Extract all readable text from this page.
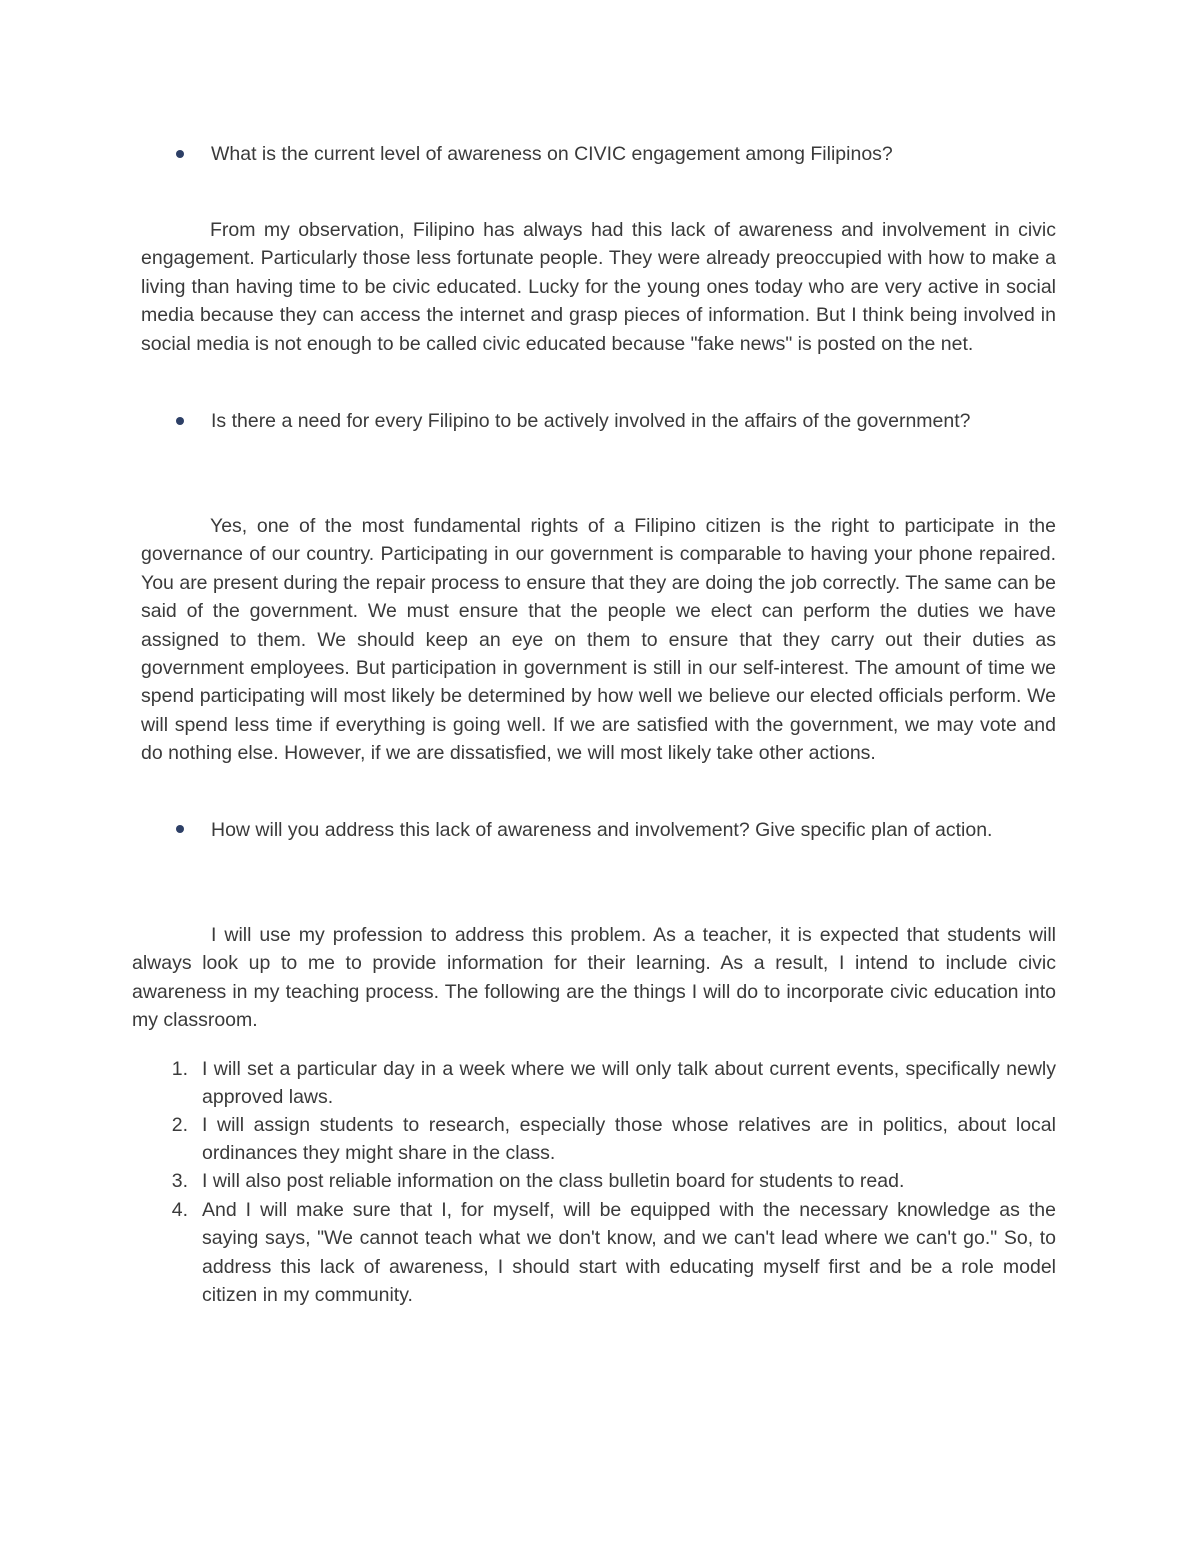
What is the current level of awareness on CIVIC engagement among Filipinos?
From my observation, Filipino has always had this lack of awareness and involvement in civic engagement. Particularly those less fortunate people. They were already preoccupied with how to make a living than having time to be civic educated. Lucky for the young ones today who are very active in social media because they can access the internet and grasp pieces of information. But I think being involved in social media is not enough to be called civic educated because "fake news" is posted on the net.
Is there a need for every Filipino to be actively involved in the affairs of the government?
Yes, one of the most fundamental rights of a Filipino citizen is the right to participate in the governance of our country. Participating in our government is comparable to having your phone repaired. You are present during the repair process to ensure that they are doing the job correctly. The same can be said of the government. We must ensure that the people we elect can perform the duties we have assigned to them. We should keep an eye on them to ensure that they carry out their duties as government employees. But participation in government is still in our self-interest. The amount of time we spend participating will most likely be determined by how well we believe our elected officials perform. We will spend less time if everything is going well. If we are satisfied with the government, we may vote and do nothing else. However, if we are dissatisfied, we will most likely take other actions.
How will you address this lack of awareness and involvement? Give specific plan of action.
I will use my profession to address this problem. As a teacher, it is expected that students will always look up to me to provide information for their learning. As a result, I intend to include civic awareness in my teaching process. The following are the things I will do to incorporate civic education into my classroom.
1. I will set a particular day in a week where we will only talk about current events, specifically newly approved laws.
2. I will assign students to research, especially those whose relatives are in politics, about local ordinances they might share in the class.
3. I will also post reliable information on the class bulletin board for students to read.
4. And I will make sure that I, for myself, will be equipped with the necessary knowledge as the saying says, "We cannot teach what we don't know, and we can't lead where we can't go." So, to address this lack of awareness, I should start with educating myself first and be a role model citizen in my community.
